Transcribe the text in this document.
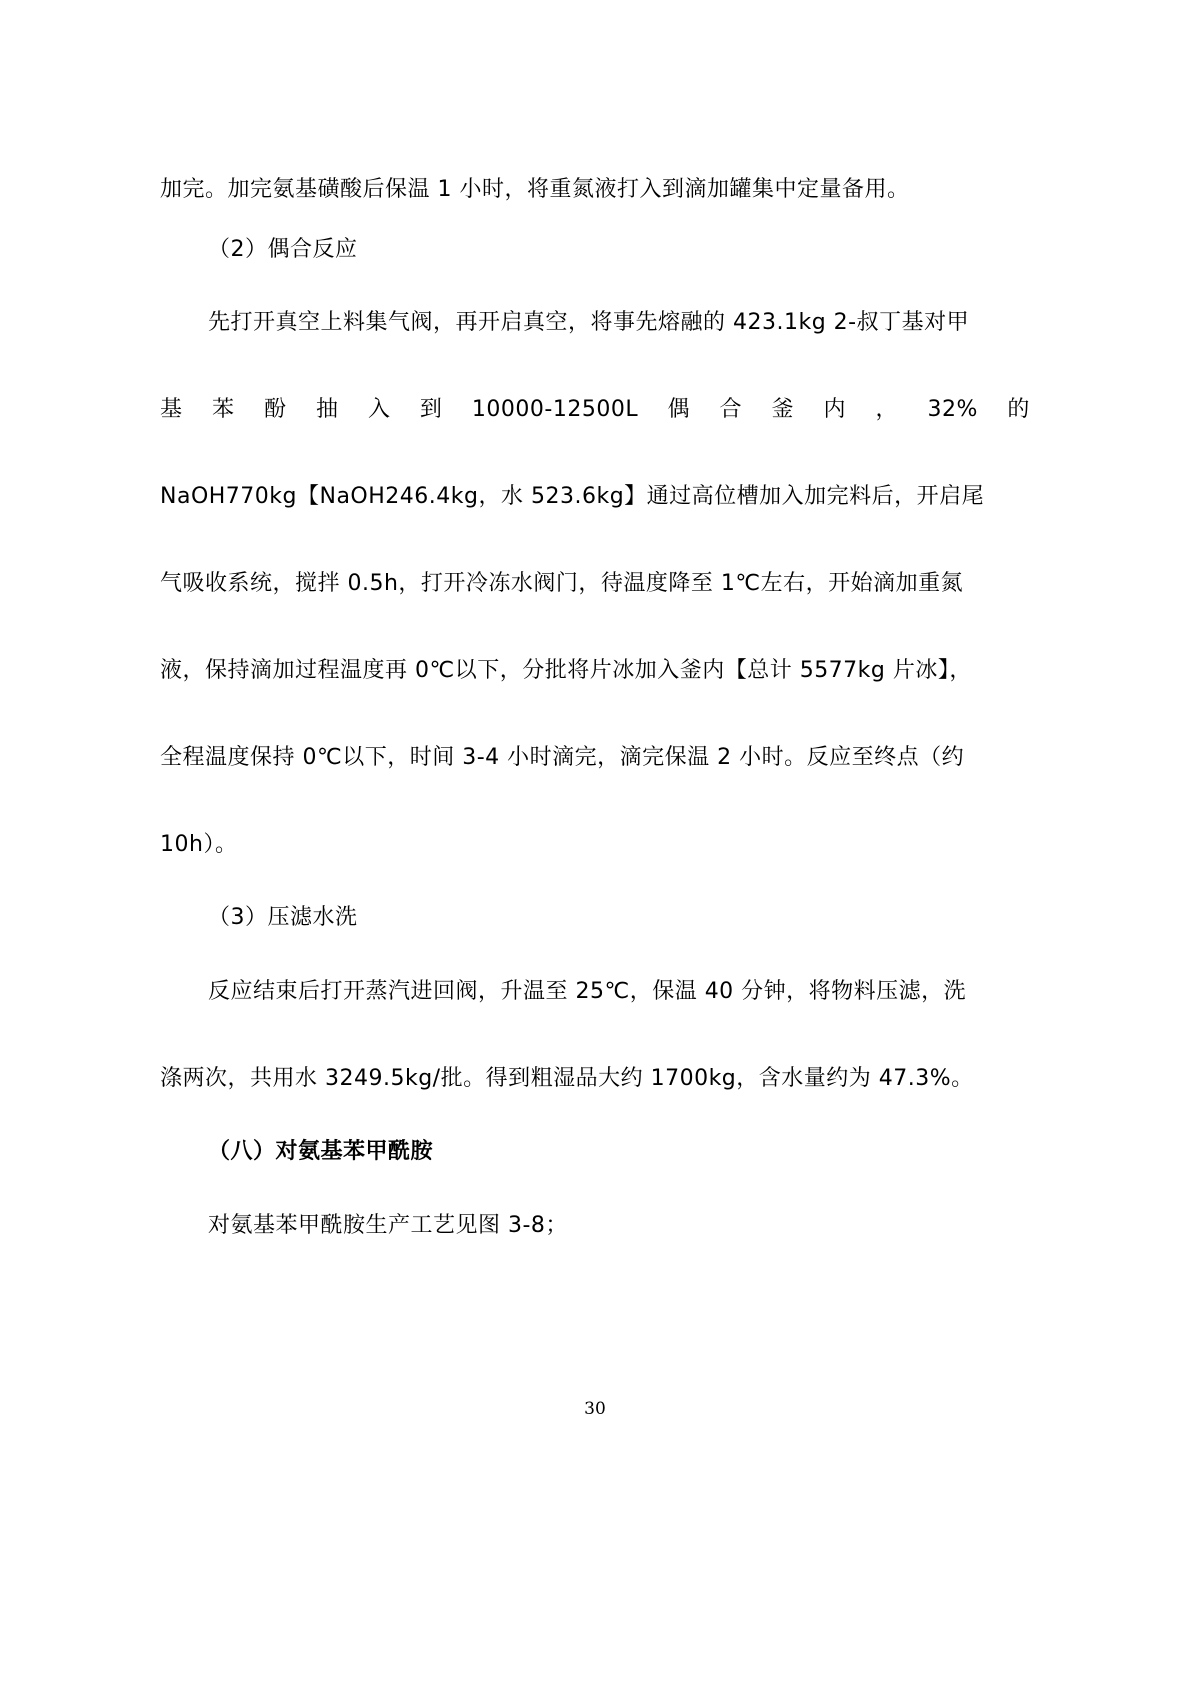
加完。加完氨基磺酸后保温 1 小时，将重氮液打入到滴加罐集中定量备用。
（2）偶合反应
先打开真空上料集气阀，再开启真空，将事先熔融的 423.1kg 2-叔丁基对甲
基 苯 酚 抽 入 到 10000-12500L 偶 合 釜 内 ， 32% 的
NaOH770kg【NaOH246.4kg，水 523.6kg】通过高位槽加入加完料后，开启尾
气吸收系统，搅拌 0.5h，打开冷冻水阀门，待温度降至 1℃左右，开始滴加重氮
液，保持滴加过程温度再 0℃以下，分批将片冰加入釜内【总计 5577kg 片冰】，
全程温度保持 0℃以下，时间 3-4 小时滴完，滴完保温 2 小时。反应至终点（约
10h）。
（3）压滤水洗
反应结束后打开蒸汽进回阀，升温至 25℃，保温 40 分钟，将物料压滤，洗
涤两次，共用水 3249.5kg/批。得到粗湿品大约 1700kg，含水量约为 47.3%。
（八）对氨基苯甲酰胺
对氨基苯甲酰胺生产工艺见图 3-8；
30
